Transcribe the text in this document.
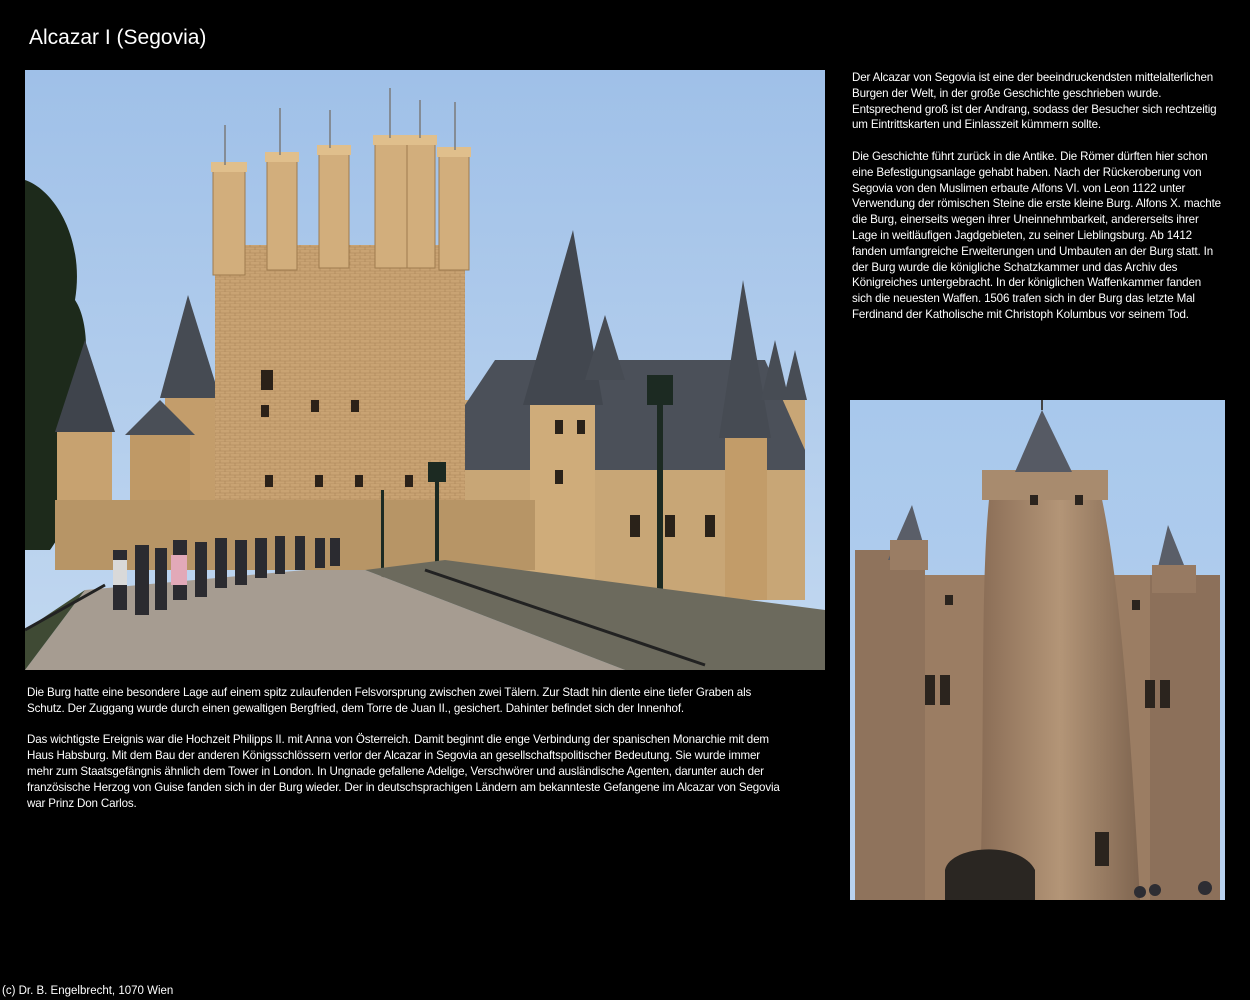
Alcazar I (Segovia)

Der Alcazar von Segovia ist eine der beeindruckendsten mittelalterlichen Burgen der Welt, in der große Geschichte geschrieben wurde. Entsprechend groß ist der Andrang, sodass der Besucher sich rechtzeitig um Eintrittskarten und Einlasszeit kümmern sollte.

Die Geschichte führt zurück in die Antike. Die Römer dürften hier schon eine Befestigungsanlage gehabt haben. Nach der Rückeroberung von Segovia von den Muslimen erbaute Alfons VI. von Leon 1122 unter Verwendung der römischen Steine die erste kleine Burg. Alfons X. machte die Burg, einerseits wegen ihrer Uneinnehmbarkeit, andererseits ihrer Lage in weitläufigen Jagdgebieten, zu seiner Lieblingsburg. Ab 1412 fanden umfangreiche Erweiterungen und Umbauten an der Burg statt. In der Burg wurde die königliche Schatzkammer und das Archiv des Königreiches untergebracht. In der königlichen Waffenkammer fanden sich die neuesten Waffen. 1506 trafen sich in der Burg das letzte Mal Ferdinand der Katholische mit Christoph Kolumbus vor seinem Tod.

Die Burg hatte eine besondere Lage auf einem spitz zulaufenden Felsvorsprung zwischen zwei Tälern. Zur Stadt hin diente eine tiefer Graben als Schutz. Der Zuggang wurde durch einen gewaltigen Bergfried, dem Torre de Juan II., gesichert. Dahinter befindet sich der Innenhof.

Das wichtigste Ereignis war die Hochzeit Philipps II. mit Anna von Österreich. Damit beginnt die enge Verbindung der spanischen Monarchie mit dem Haus Habsburg. Mit dem Bau der anderen Königsschlössern verlor der Alcazar in Segovia an gesellschaftspolitischer Bedeutung. Sie wurde immer mehr zum Staatsgefängnis ähnlich dem Tower in London. In Ungnade gefallene Adelige, Verschwörer und ausländische Agenten, darunter auch der französische Herzog von Guise fanden sich in der Burg wieder. Der in deutschsprachigen Ländern am bekannteste Gefangene im Alcazar von Segovia war Prinz Don Carlos.

(c) Dr. B. Engelbrecht, 1070 Wien
